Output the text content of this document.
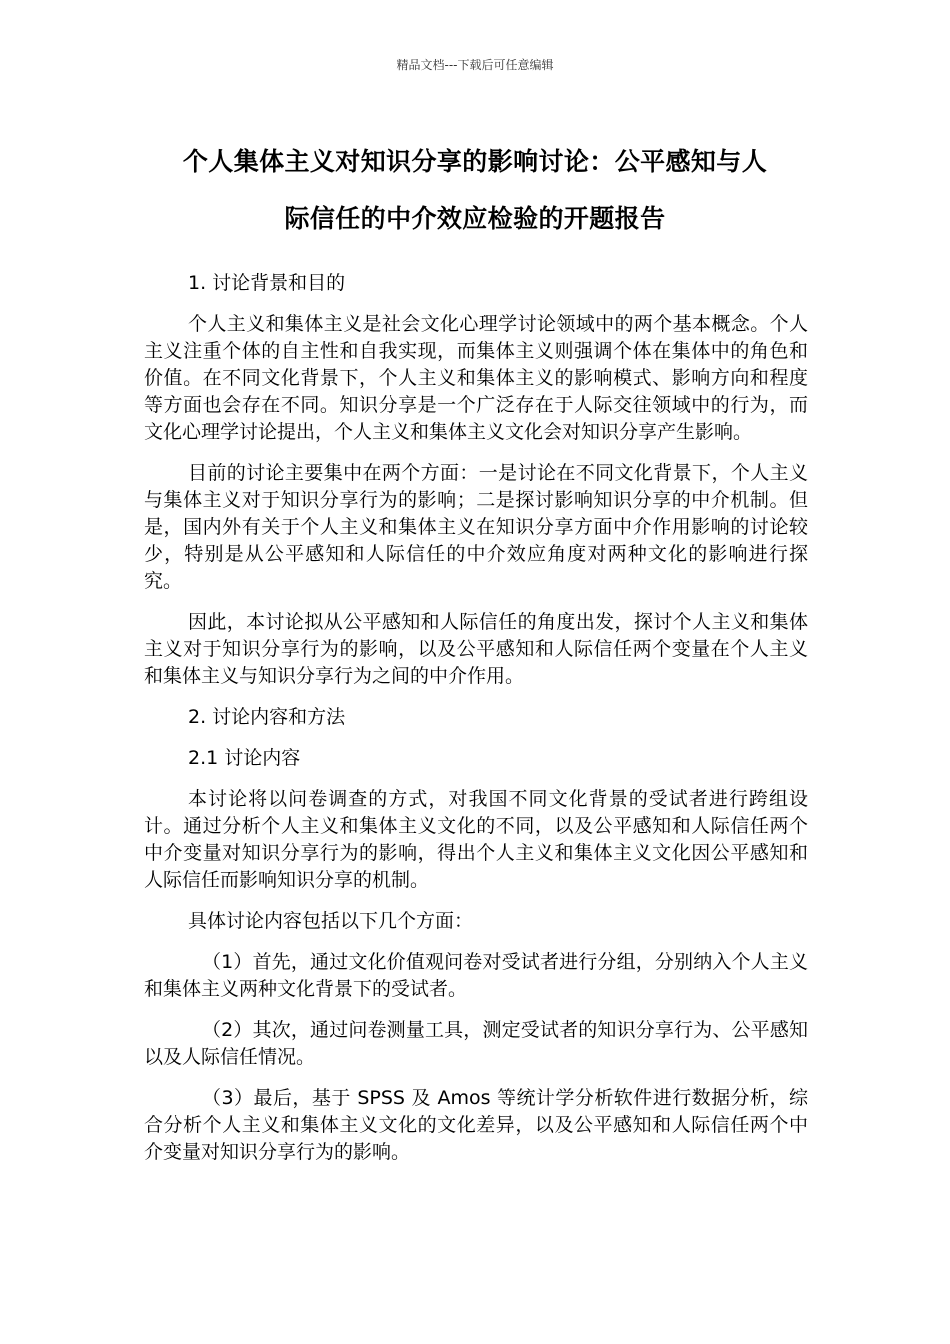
精品文档---下载后可任意编辑
个人集体主义对知识分享的影响讨论：公平感知与人
际信任的中介效应检验的开题报告

1. 讨论背景和目的

个人主义和集体主义是社会文化心理学讨论领域中的两个基本概念。个人主义注重个体的自主性和自我实现，而集体主义则强调个体在集体中的角色和价值。在不同文化背景下，个人主义和集体主义的影响模式、影响方向和程度等方面也会存在不同。知识分享是一个广泛存在于人际交往领域中的行为，而文化心理学讨论提出，个人主义和集体主义文化会对知识分享产生影响。

目前的讨论主要集中在两个方面：一是讨论在不同文化背景下，个人主义与集体主义对于知识分享行为的影响；二是探讨影响知识分享的中介机制。但是，国内外有关于个人主义和集体主义在知识分享方面中介作用影响的讨论较少，特别是从公平感知和人际信任的中介效应角度对两种文化的影响进行探究。

因此，本讨论拟从公平感知和人际信任的角度出发，探讨个人主义和集体主义对于知识分享行为的影响，以及公平感知和人际信任两个变量在个人主义和集体主义与知识分享行为之间的中介作用。

2. 讨论内容和方法

2.1 讨论内容

本讨论将以问卷调查的方式，对我国不同文化背景的受试者进行跨组设计。通过分析个人主义和集体主义文化的不同，以及公平感知和人际信任两个中介变量对知识分享行为的影响，得出个人主义和集体主义文化因公平感知和人际信任而影响知识分享的机制。

具体讨论内容包括以下几个方面：

（1）首先，通过文化价值观问卷对受试者进行分组，分别纳入个人主义和集体主义两种文化背景下的受试者。

（2）其次，通过问卷测量工具，测定受试者的知识分享行为、公平感知以及人际信任情况。

（3）最后，基于 SPSS 及 Amos 等统计学分析软件进行数据分析，综合分析个人主义和集体主义文化的文化差异，以及公平感知和人际信任两个中介变量对知识分享行为的影响。
